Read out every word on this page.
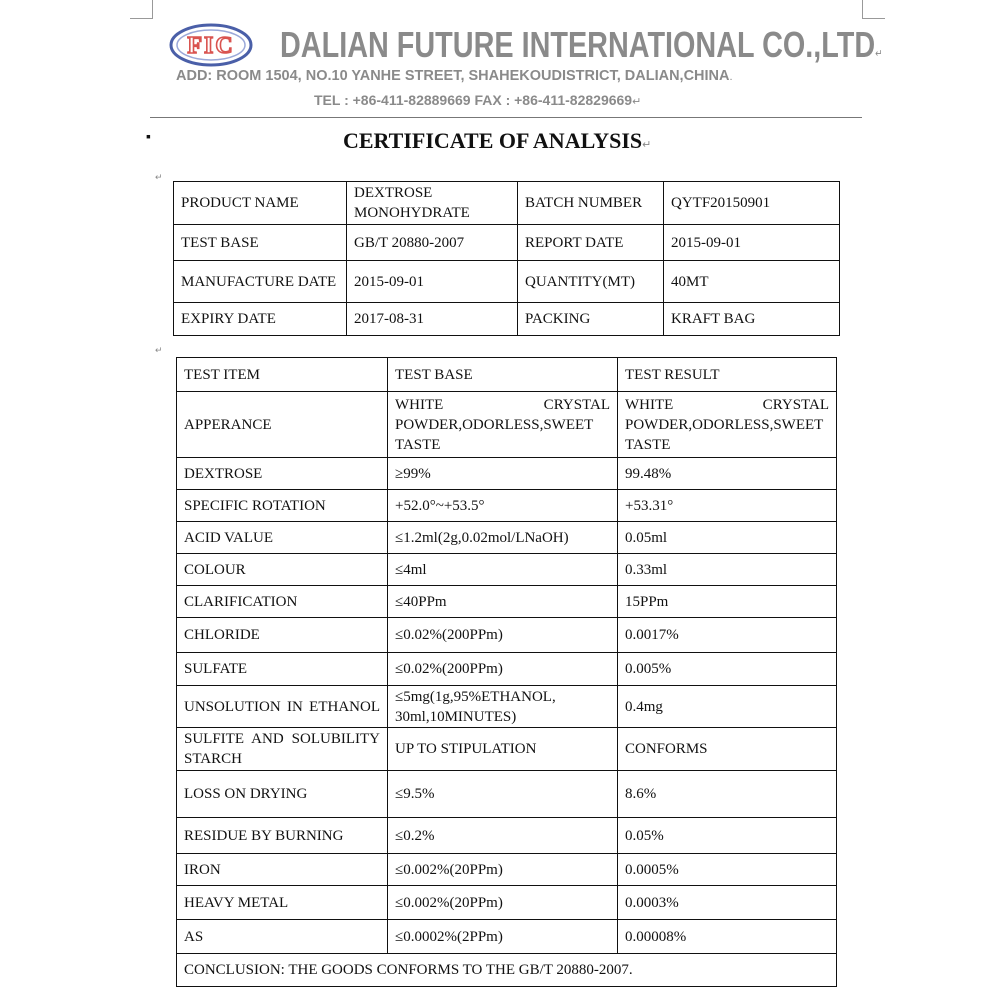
FIC DALIAN FUTURE INTERNATIONAL CO.,LTD↵
ADD: ROOM 1504, NO.10 YANHE STREET, SHAHEKOUDISTRICT, DALIAN,CHINA.
TEL : +86-411-82889669 FAX : +86-411-82829669↵
▪	CERTIFICATE OF ANALYSIS↵
↵
PRODUCT NAME	DEXTROSE MONOHYDRATE	BATCH NUMBER	QYTF20150901
TEST BASE	GB/T 20880-2007	REPORT DATE	2015-09-01
MANUFACTURE DATE	2015-09-01	QUANTITY(MT)	40MT
EXPIRY DATE	2017-08-31	PACKING	KRAFT BAG
↵
TEST ITEM	TEST BASE	TEST RESULT
APPERANCE	WHITE CRYSTAL POWDER,ODORLESS,SWEET TASTE	WHITE CRYSTAL POWDER,ODORLESS,SWEET TASTE
DEXTROSE	≥99%	99.48%
SPECIFIC ROTATION	+52.0°~+53.5°	+53.31°
ACID VALUE	≤1.2ml(2g,0.02mol/LNaOH)	0.05ml
COLOUR	≤4ml	0.33ml
CLARIFICATION	≤40PPm	15PPm
CHLORIDE	≤0.02%(200PPm)	0.0017%
SULFATE	≤0.02%(200PPm)	0.005%
UNSOLUTION IN ETHANOL	≤5mg(1g,95%ETHANOL, 30ml,10MINUTES)	0.4mg
SULFITE AND SOLUBILITY STARCH	UP TO STIPULATION	CONFORMS
LOSS ON DRYING	≤9.5%	8.6%
RESIDUE BY BURNING	≤0.2%	0.05%
IRON	≤0.002%(20PPm)	0.0005%
HEAVY METAL	≤0.002%(20PPm)	0.0003%
AS	≤0.0002%(2PPm)	0.00008%
CONCLUSION: THE GOODS CONFORMS TO THE GB/T 20880-2007.		
